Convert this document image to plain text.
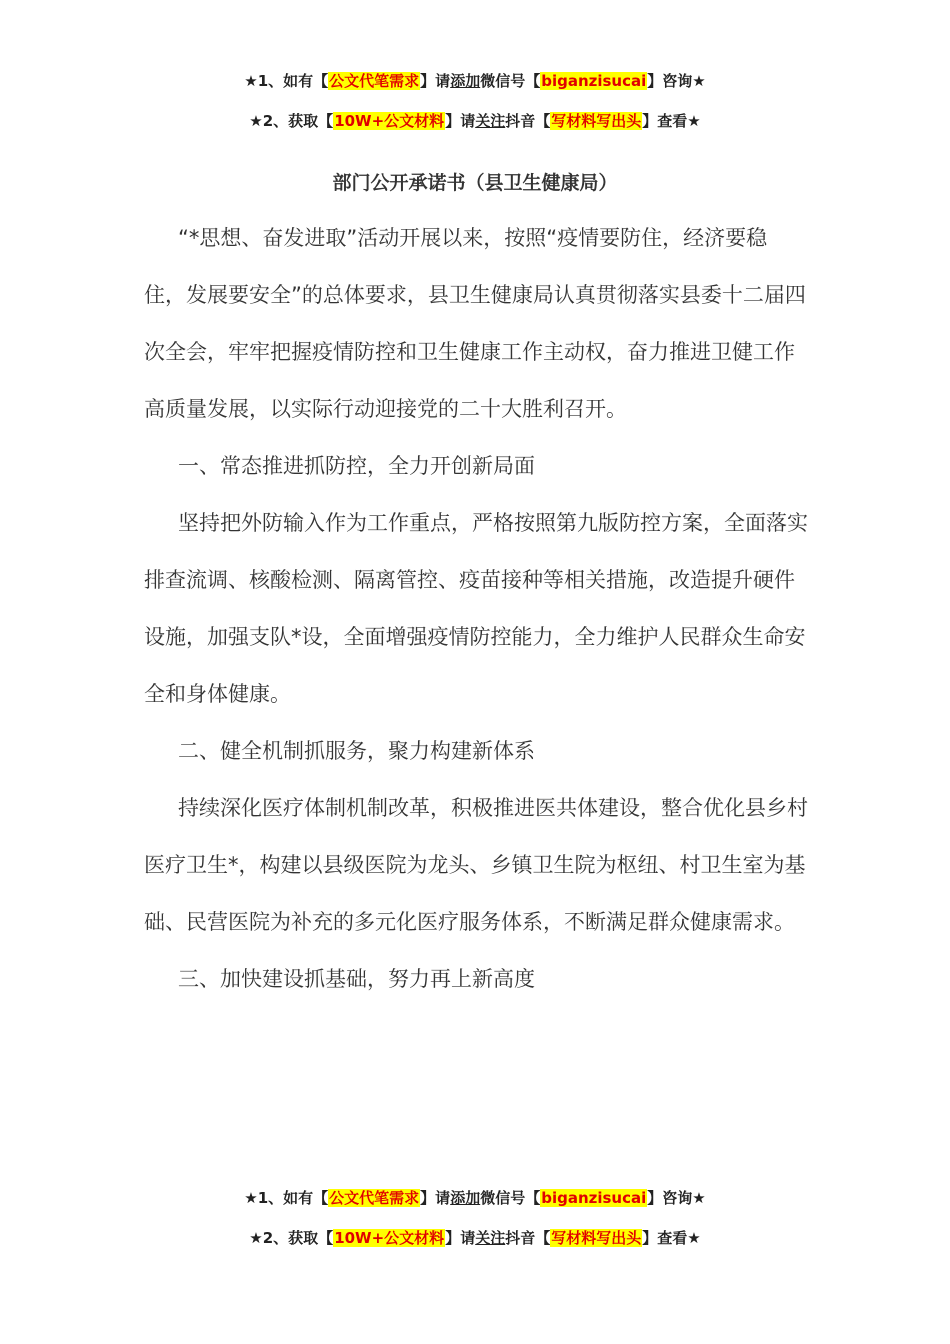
★1、如有【公文代笔需求】请添加微信号【biganzisucai】咨询★
★2、获取【10W+公文材料】请关注抖音【写材料写出头】查看★
部门公开承诺书（县卫生健康局）

“*思想、奋发进取”活动开展以来，按照“疫情要防住，经济要稳住，发展要安全”的总体要求，县卫生健康局认真贯彻落实县委十二届四次全会，牢牢把握疫情防控和卫生健康工作主动权，奋力推进卫健工作高质量发展，以实际行动迎接党的二十大胜利召开。

一、常态推进抓防控，全力开创新局面

坚持把外防输入作为工作重点，严格按照第九版防控方案，全面落实排查流调、核酸检测、隔离管控、疫苗接种等相关措施，改造提升硬件设施，加强支队*设，全面增强疫情防控能力，全力维护人民群众生命安全和身体健康。

二、健全机制抓服务，聚力构建新体系

持续深化医疗体制机制改革，积极推进医共体建设，整合优化县乡村医疗卫生*，构建以县级医院为龙头、乡镇卫生院为枢纽、村卫生室为基础、民营医院为补充的多元化医疗服务体系，不断满足群众健康需求。

三、加快建设抓基础，努力再上新高度

★1、如有【公文代笔需求】请添加微信号【biganzisucai】咨询★
★2、获取【10W+公文材料】请关注抖音【写材料写出头】查看★
